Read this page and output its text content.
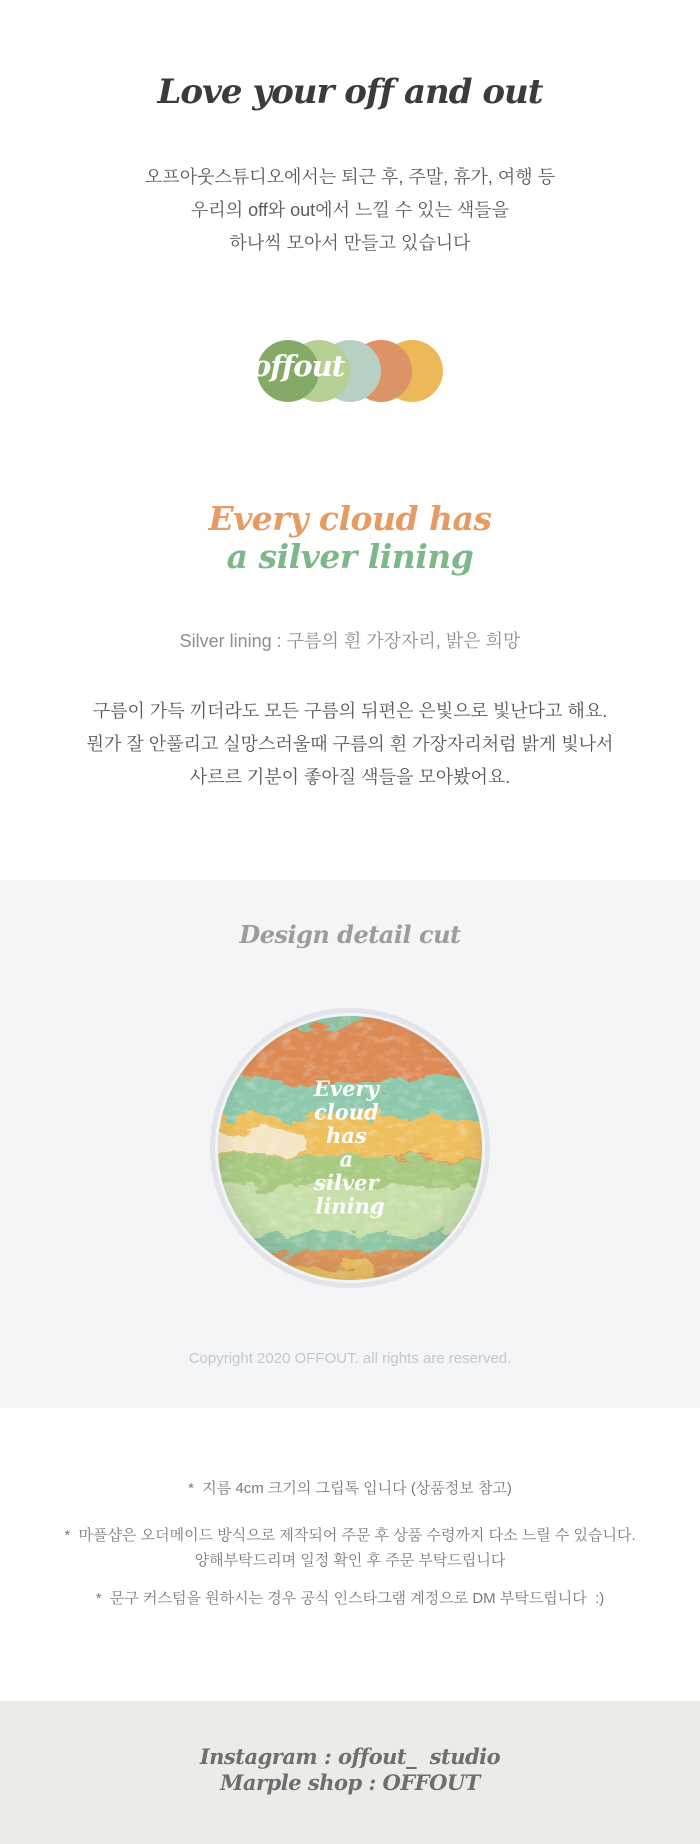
Love your off and out

오프아웃스튜디오에서는 퇴근 후, 주말, 휴가, 여행 등
우리의 off와 out에서 느낄 수 있는 색들을
하나씩 모아서 만들고 있습니다

offout
Every cloud has
a silver lining

Silver lining : 구름의 흰 가장자리, 밝은 희망

구름이 가득 끼더라도 모든 구름의 뒤편은 은빛으로 빛난다고 해요.
뭔가 잘 안풀리고 실망스러울때 구름의 흰 가장자리처럼 밝게 빛나서
사르르 기분이 좋아질 색들을 모아봤어요.

Design detail cut
Every cloud has a silver lining

Copyright 2020 OFFOUT. all rights are reserved.

*  지름 4cm 크기의 그립톡 입니다 (상품정보 참고)

*  마플샵은 오더메이드 방식으로 제작되어 주문 후 상품 수령까지 다소 느릴 수 있습니다.
양해부탁드리며 일정 확인 후 주문 부탁드립니다

*  문구 커스텀을 원하시는 경우 공식 인스타그램 계정으로 DM 부탁드립니다  :)

Instagram : offout_  studio
Marple shop : OFFOUT
